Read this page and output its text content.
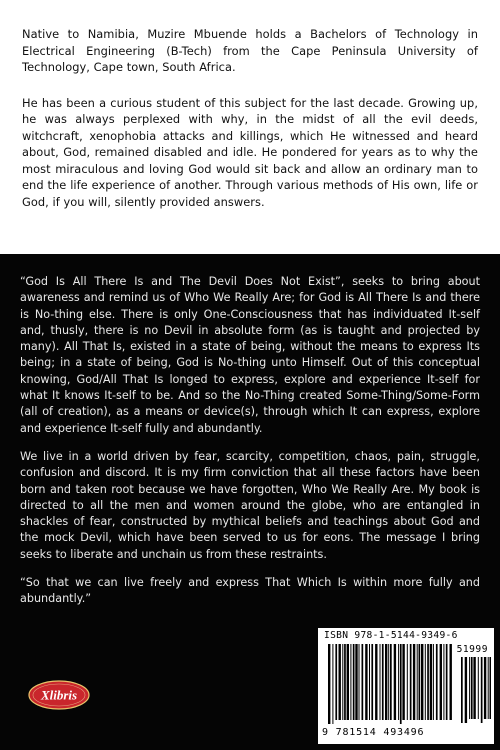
Native to Namibia, Muzire Mbuende holds a Bachelors of Technology in Electrical Engineering (B-Tech) from the Cape Peninsula University of Technology, Cape town, South Africa.

He has been a curious student of this subject for the last decade. Growing up, he was always perplexed with why, in the midst of all the evil deeds, witchcraft, xenophobia attacks and killings, which He witnessed and heard about, God, remained disabled and idle. He pondered for years as to why the most miraculous and loving God would sit back and allow an ordinary man to end the life experience of another. Through various methods of His own, life or God, if you will, silently provided answers.

“God Is All There Is and The Devil Does Not Exist”, seeks to bring about awareness and remind us of Who We Really Are; for God is All There Is and there is No-thing else. There is only One-Consciousness that has individuated It-self and, thusly, there is no Devil in absolute form (as is taught and projected by many). All That Is, existed in a state of being, without the means to express Its being; in a state of being, God is No-thing unto Himself. Out of this conceptual knowing, God/All That Is longed to express, explore and experience It-self for what It knows It-self to be. And so the No-Thing created Some-Thing/Some-Form (all of creation), as a means or device(s), through which It can express, explore and experience It-self fully and abundantly.

We live in a world driven by fear, scarcity, competition, chaos, pain, struggle, confusion and discord. It is my firm conviction that all these factors have been born and taken root because we have forgotten, Who We Really Are. My book is directed to all the men and women around the globe, who are entangled in shackles of fear, constructed by mythical beliefs and teachings about God and the mock Devil, which have been served to us for eons. The message I bring seeks to liberate and unchain us from these restraints.

“So that we can live freely and express That Which Is within more fully and abundantly.”

ISBN 978-1-5144-9349-6
51999
9 781514 493496
Xlibris
